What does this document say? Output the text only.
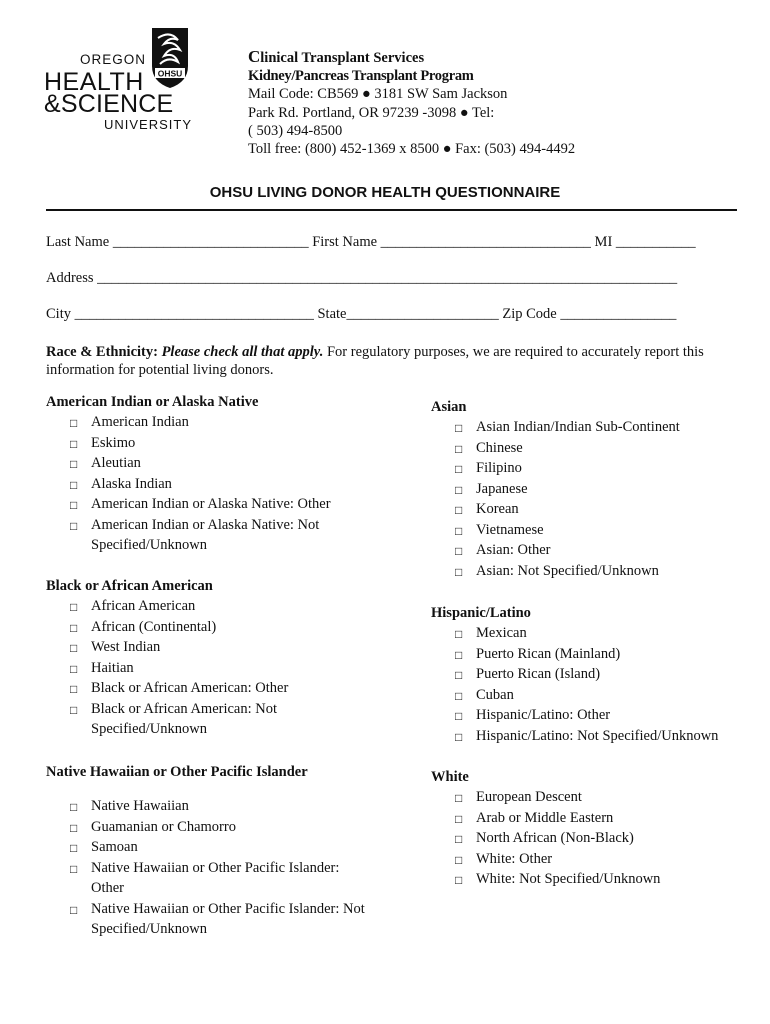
OHSU
OREGON
HEALTH
&SCIENCE
UNIVERSITY
Clinical Transplant Services
Kidney/Pancreas Transplant Program
Mail Code: CB569 ● 3181 SW Sam Jackson
Park Rd. Portland, OR 97239 -3098 ● Tel:
( 503) 494-8500
Toll free: (800) 452-1369 x 8500 ● Fax: (503) 494-4492
OHSU LIVING DONOR HEALTH QUESTIONNAIRE
Last Name ___________________________ First Name _____________________________ MI ___________
Address ________________________________________________________________________________
City _________________________________ State_____________________ Zip Code ________________
Race & Ethnicity: Please check all that apply. For regulatory purposes, we are required to accurately report this information for potential living donors.
American Indian or Alaska Native
□ American Indian
□ Eskimo
□ Aleutian
□ Alaska Indian
□ American Indian or Alaska Native: Other
□ American Indian or Alaska Native: Not Specified/Unknown
Black or African American
□ African American
□ African (Continental)
□ West Indian
□ Haitian
□ Black or African American: Other
□ Black or African American: Not Specified/Unknown
Native Hawaiian or Other Pacific Islander
□ Native Hawaiian
□ Guamanian or Chamorro
□ Samoan
□ Native Hawaiian or Other Pacific Islander: Other
□ Native Hawaiian or Other Pacific Islander: Not Specified/Unknown
Asian
□ Asian Indian/Indian Sub-Continent
□ Chinese
□ Filipino
□ Japanese
□ Korean
□ Vietnamese
□ Asian: Other
□ Asian: Not Specified/Unknown
Hispanic/Latino
□ Mexican
□ Puerto Rican (Mainland)
□ Puerto Rican (Island)
□ Cuban
□ Hispanic/Latino: Other
□ Hispanic/Latino: Not Specified/Unknown
White
□ European Descent
□ Arab or Middle Eastern
□ North African (Non-Black)
□ White: Other
□ White: Not Specified/Unknown
